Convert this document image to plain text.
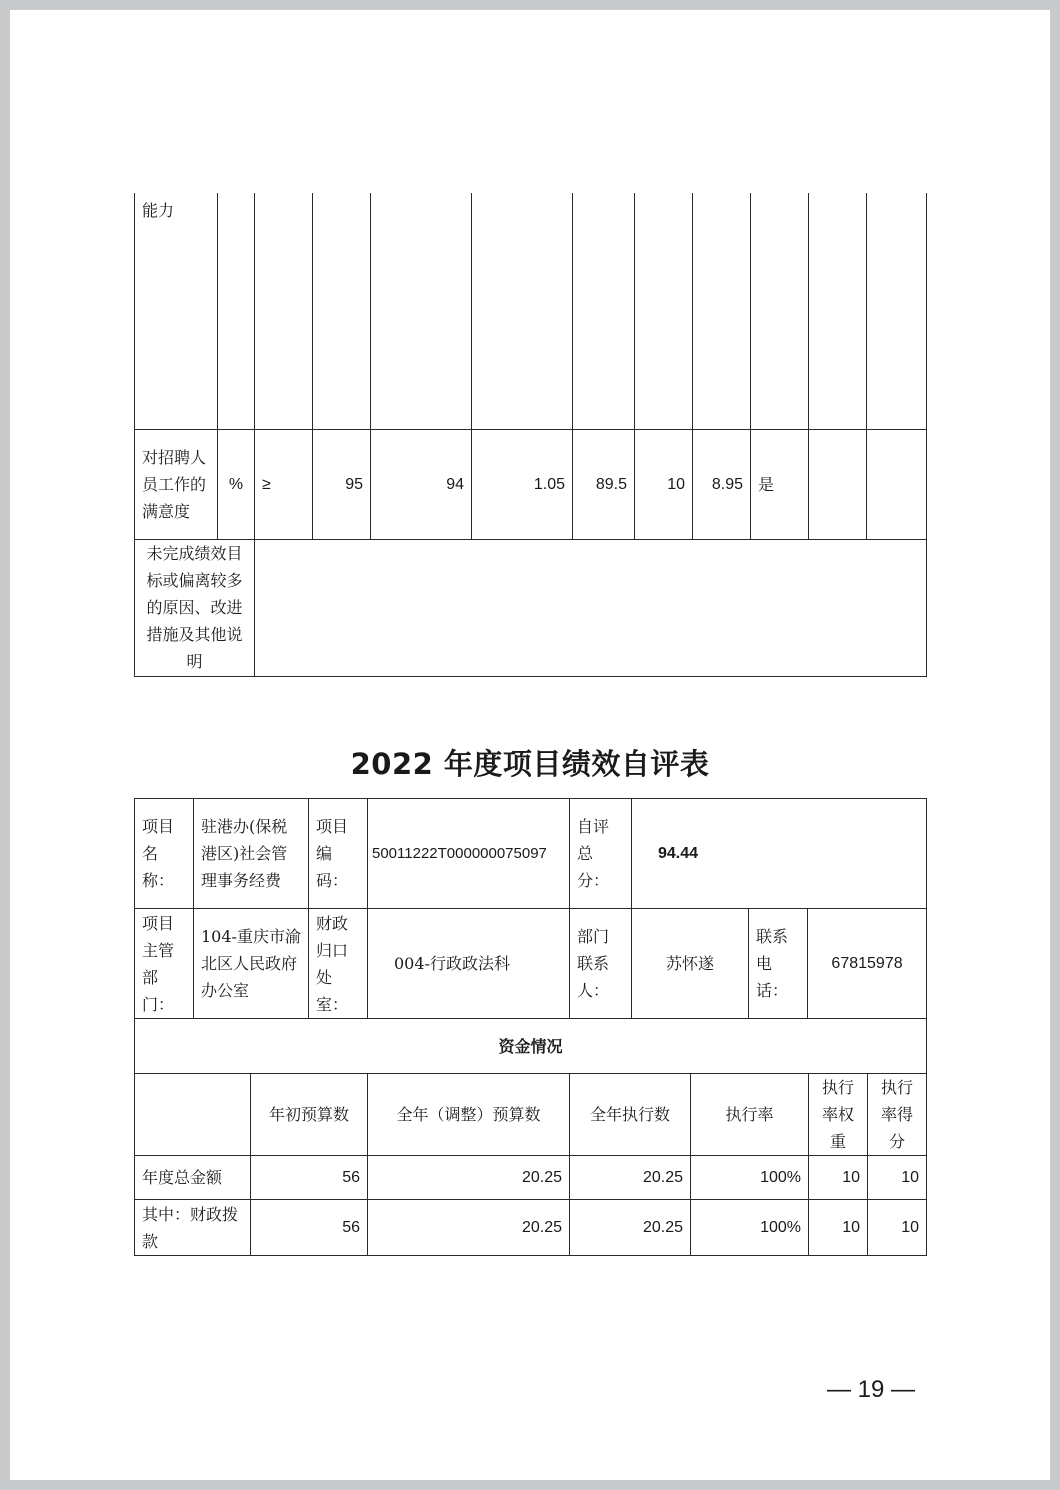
能力											
对招聘人员工作的满意度	%	≥	95	94	1.05	89.5	10	8.95	是		
未完成绩效目标或偏离较多的原因、改进措施及其他说明											
2022 年度项目绩效自评表
项目名称：	驻港办(保税港区)社会管理事务经费	项目编码：	50011222T000000075097	自评总分：	94.44		
项目主管部门：	104-重庆市渝北区人民政府办公室	财政归口处室：	004-行政政法科	部门联系人：	苏怀遂	联系电话：	67815978
资金情况							
	年初预算数	全年（调整）预算数	全年执行数	执行率	执行率权重	执行率得分
年度总金额	56	20.25	20.25	100%	10	10
其中：财政拨款	56	20.25	20.25	100%	10	10
— 19 —
